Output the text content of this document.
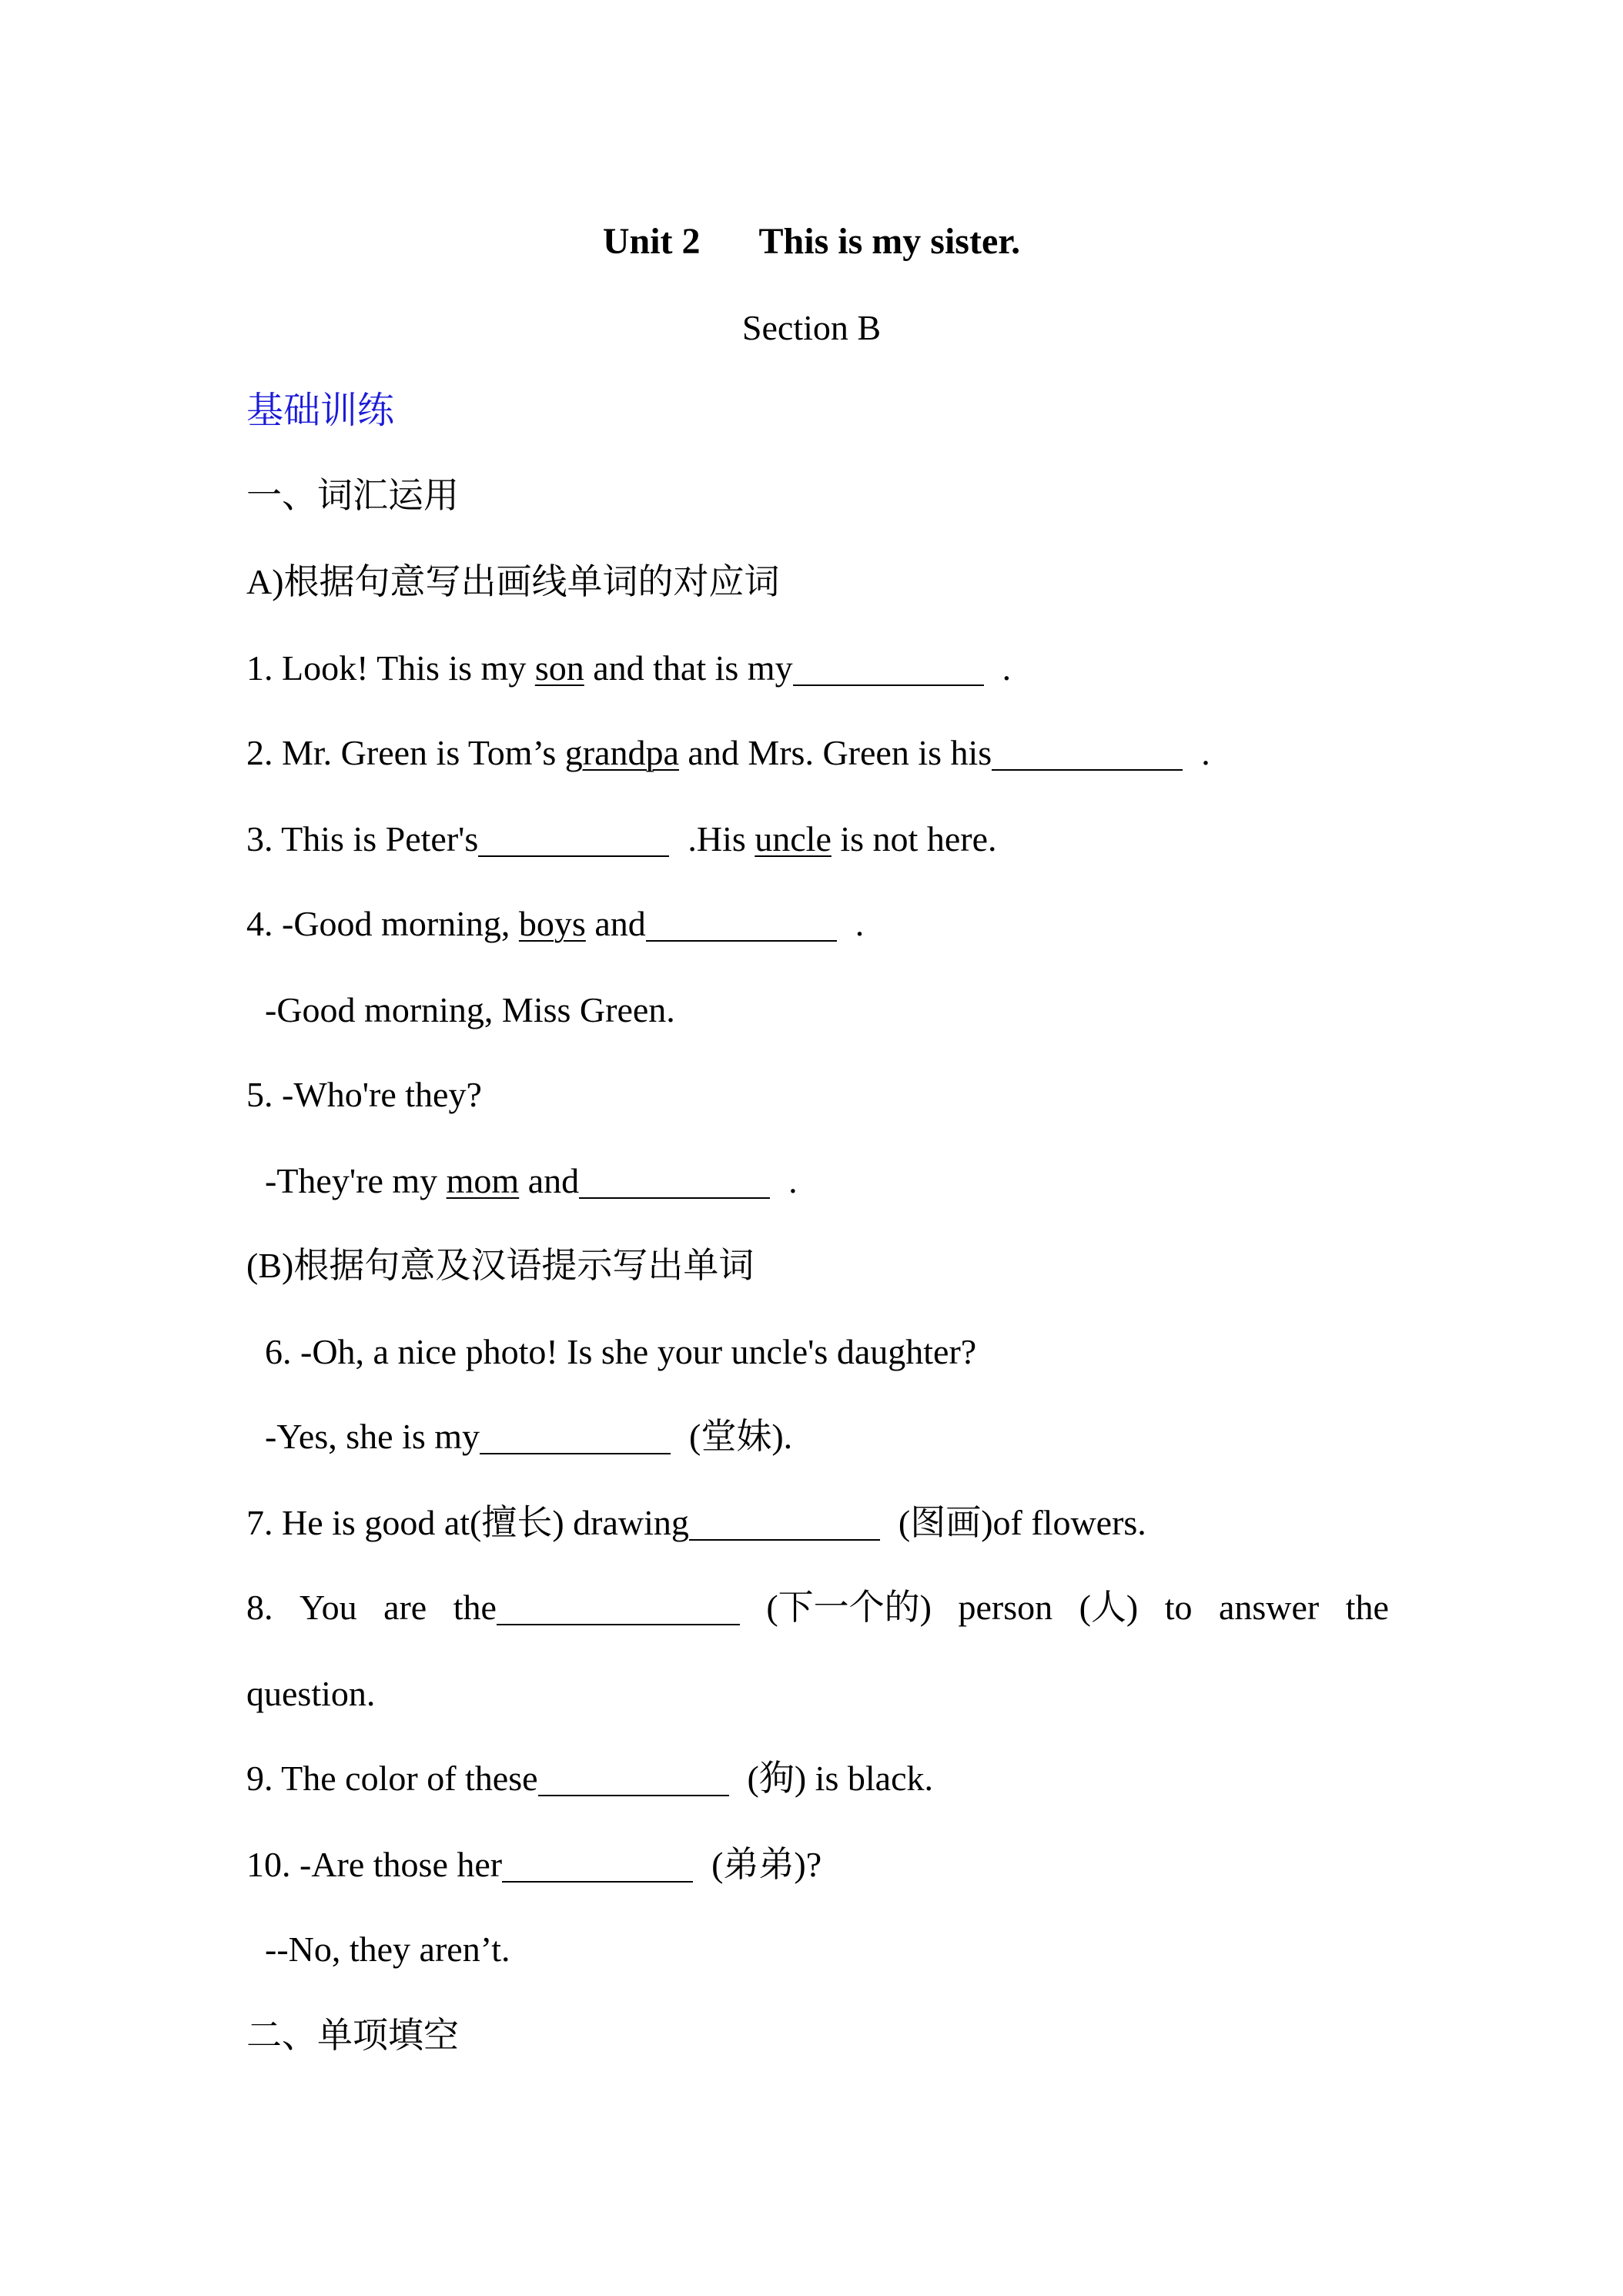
Unit 2 This is my sister.
Section B
基础训练
一、词汇运用
A)根据句意写出画线单词的对应词
1. Look! This is my son and that is my	.
2. Mr. Green is Tom’s grandpa and Mrs. Green is his	.
3. This is Peter's	.His uncle is not here.
4. -Good morning, boys and	.
-Good morning, Miss Green.
5. -Who're they?
-They're my mom and	.
(B)根据句意及汉语提示写出单词
6. -Oh, a nice photo! Is she your uncle's daughter?
-Yes, she is my	(堂妹).
7. He is good at(擅长) drawing	(图画)of flowers.
8. You are the	(下一个的) person (人) to answer the
question.
9. The color of these	(狗) is black.
10. -Are those her	(弟弟)?
--No, they aren’t.
二、单项填空
